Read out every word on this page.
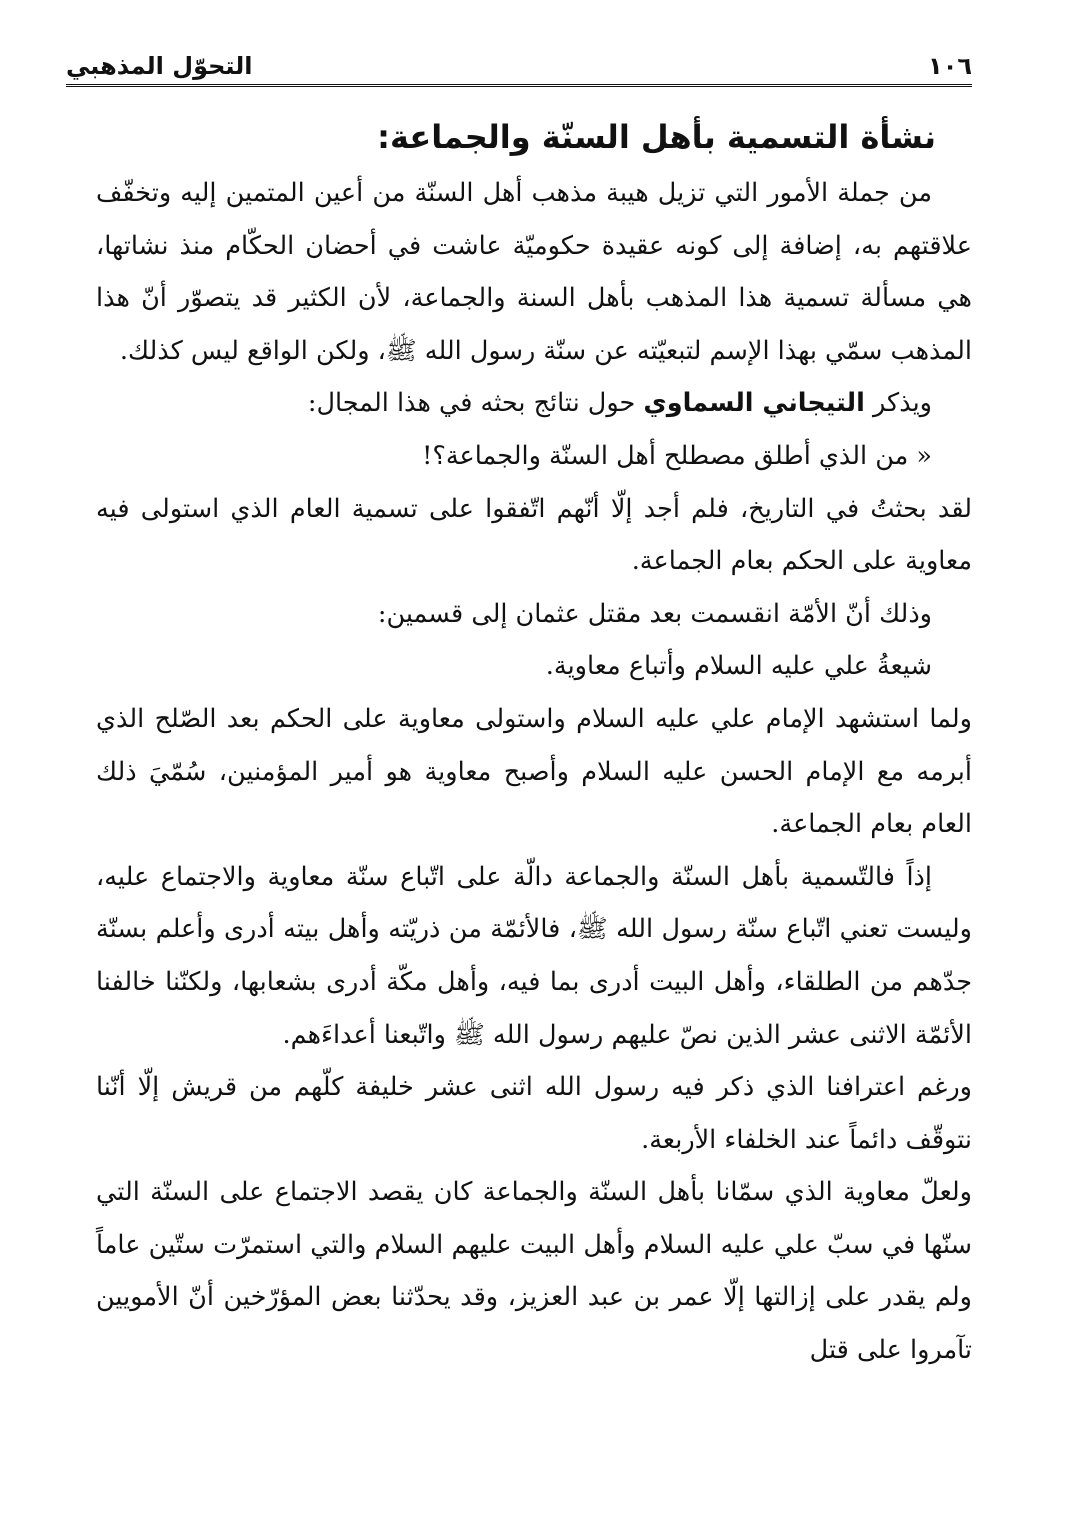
١٠٦
التحوّل المذهبي
نشأة التسمية بأهل السنّة والجماعة:

من جملة الأمور التي تزيل هيبة مذهب أهل السنّة من أعين المتمين إليه وتخفّف علاقتهم به، إضافة إلى كونه عقيدة حكوميّة عاشت في أحضان الحكّام منذ نشاتها، هي مسألة تسمية هذا المذهب بأهل السنة والجماعة، لأن الكثير قد يتصوّر أنّ هذا المذهب سمّي بهذا الإسم لتبعيّته عن سنّة رسول الله ﷺ، ولكن الواقع ليس كذلك.

ويذكر التيجاني السماوي حول نتائج بحثه في هذا المجال:

« من الذي أطلق مصطلح أهل السنّة والجماعة؟!

لقد بحثتُ في التاريخ، فلم أجد إلّا أنّهم اتّفقوا على تسمية العام الذي استولى فيه معاوية على الحكم بعام الجماعة.

وذلك أنّ الأمّة انقسمت بعد مقتل عثمان إلى قسمين:

شيعةُ علي عليه السلام وأتباع معاوية.

ولما استشهد الإمام علي عليه السلام واستولى معاوية على الحكم بعد الصّلح الذي أبرمه مع الإمام الحسن عليه السلام وأصبح معاوية هو أمير المؤمنين، سُمّيَ ذلك العام بعام الجماعة.

إذاً فالتّسمية بأهل السنّة والجماعة دالّة على اتّباع سنّة معاوية والاجتماع عليه، وليست تعني اتّباع سنّة رسول الله ﷺ، فالأئمّة من ذريّته وأهل بيته أدرى وأعلم بسنّة جدّهم من الطلقاء، وأهل البيت أدرى بما فيه، وأهل مكّة أدرى بشعابها، ولكنّنا خالفنا الأئمّة الاثنى عشر الذين نصّ عليهم رسول الله ﷺ واتّبعنا أعداءَهم.

ورغم اعترافنا الذي ذكر فيه رسول الله اثنى عشر خليفة كلّهم من قريش إلّا أنّنا نتوقّف دائماً عند الخلفاء الأربعة.

ولعلّ معاوية الذي سمّانا بأهل السنّة والجماعة كان يقصد الاجتماع على السنّة التي سنّها في سبّ علي عليه السلام وأهل البيت عليهم السلام والتي استمرّت ستّين عاماً ولم يقدر على إزالتها إلّا عمر بن عبد العزيز، وقد يحدّثنا بعض المؤرّخين أنّ الأمويين تآمروا على قتل
